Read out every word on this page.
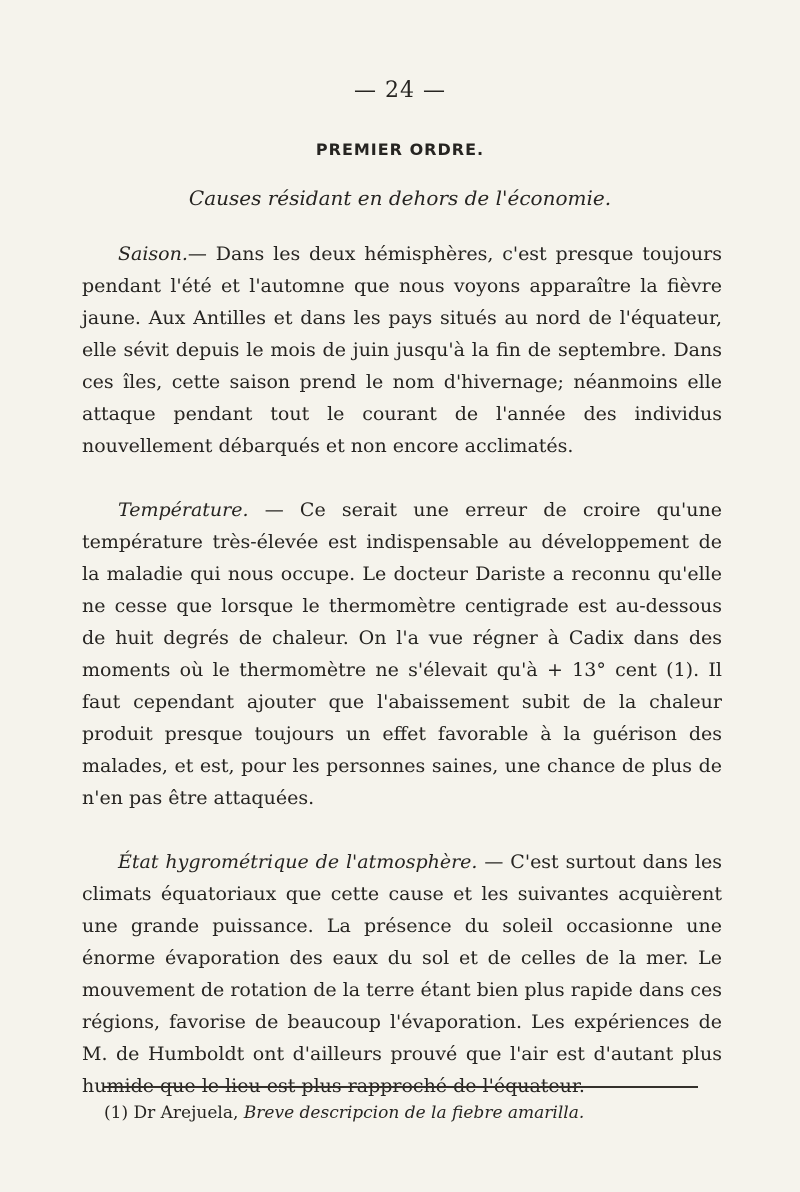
— 24 —
PREMIER ORDRE.
Causes résidant en dehors de l'économie.

Saison.— Dans les deux hémisphères, c'est presque toujours pendant l'été et l'automne que nous voyons apparaître la fièvre jaune. Aux Antilles et dans les pays situés au nord de l'équateur, elle sévit depuis le mois de juin jusqu'à la fin de septembre. Dans ces îles, cette saison prend le nom d'hivernage; néanmoins elle attaque pendant tout le courant de l'année des individus nouvellement débarqués et non encore acclimatés.

Température. — Ce serait une erreur de croire qu'une température très-élevée est indispensable au développement de la maladie qui nous occupe. Le docteur Dariste a reconnu qu'elle ne cesse que lorsque le thermomètre centigrade est au-dessous de huit degrés de chaleur. On l'a vue régner à Cadix dans des moments où le thermomètre ne s'élevait qu'à + 13° cent (1). Il faut cependant ajouter que l'abaissement subit de la chaleur produit presque toujours un effet favorable à la guérison des malades, et est, pour les personnes saines, une chance de plus de n'en pas être attaquées.

État hygrométrique de l'atmosphère. — C'est surtout dans les climats équatoriaux que cette cause et les suivantes acquièrent une grande puissance. La présence du soleil occasionne une énorme évaporation des eaux du sol et de celles de la mer. Le mouvement de rotation de la terre étant bien plus rapide dans ces régions, favorise de beaucoup l'évaporation. Les expériences de M. de Humboldt ont d'ailleurs prouvé que l'air est d'autant plus humide que le lieu est plus rapproché de l'équateur.

(1) Dr Arejuela, Breve descripcion de la fiebre amarilla.
